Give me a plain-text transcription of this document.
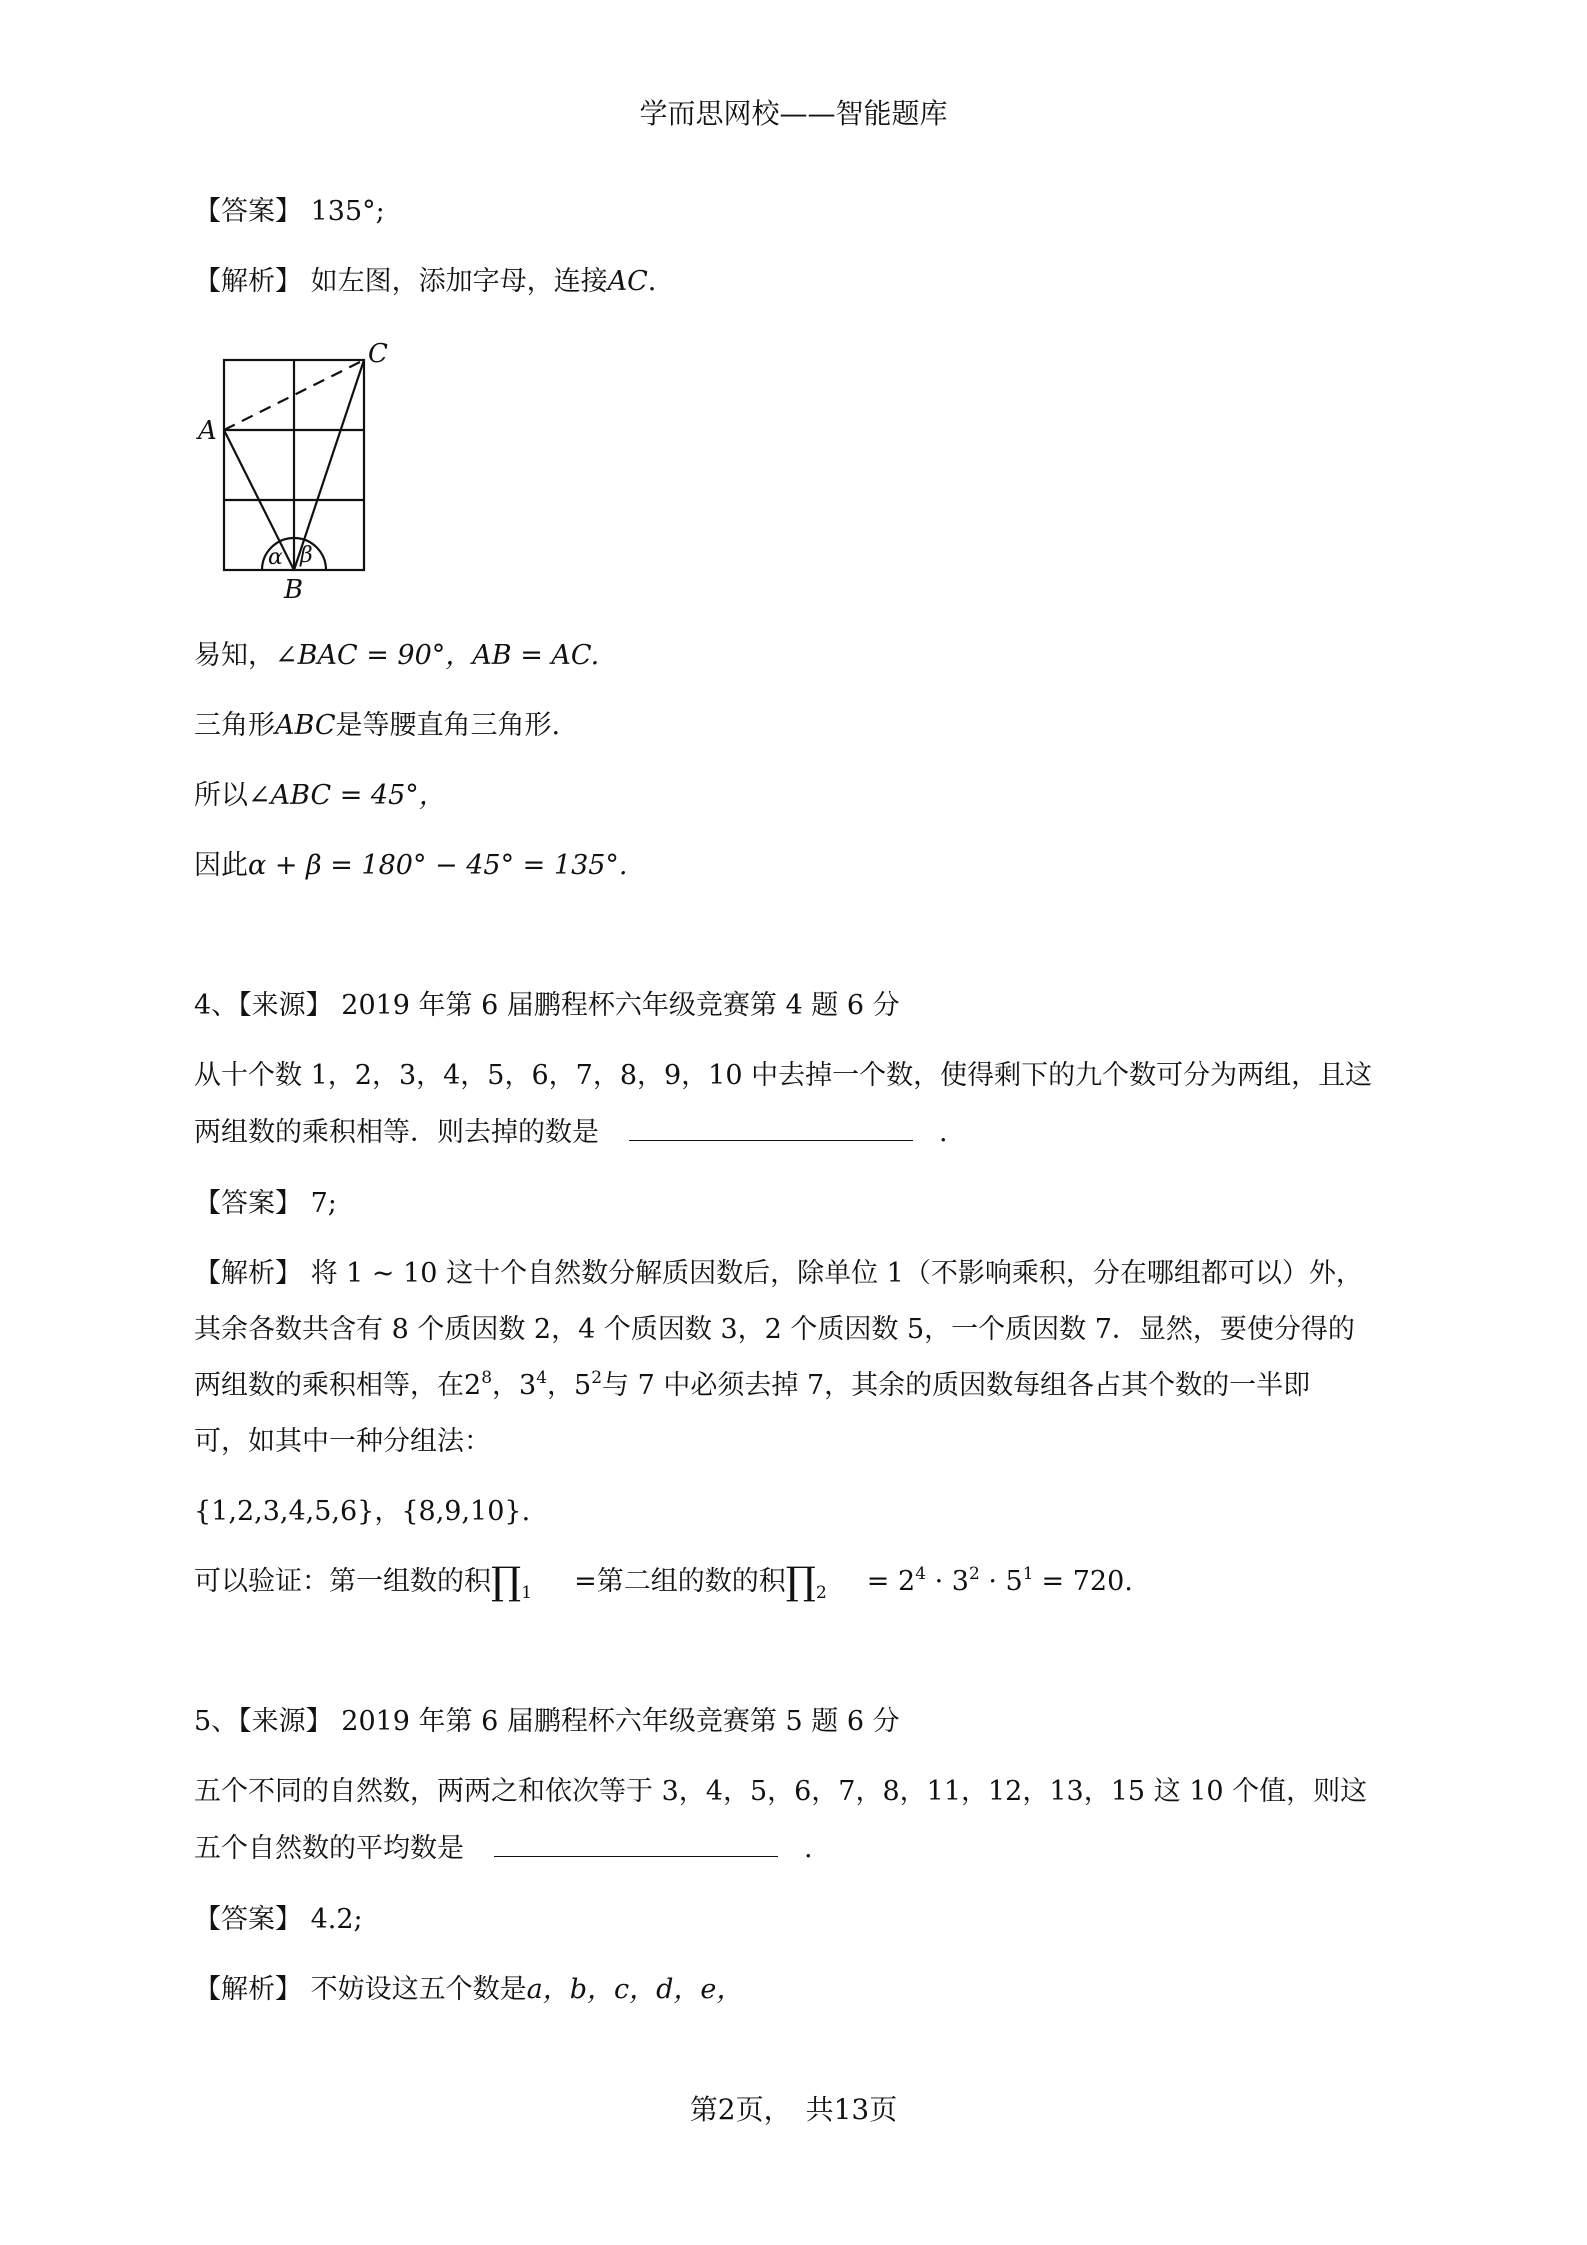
学而思网校——智能题库
【答案】 135°;
【解析】 如左图，添加字母，连接AC.
A
C
B
α β
易知，∠BAC = 90°，AB = AC.
三角形ABC是等腰直角三角形.
所以∠ABC = 45°，
因此α + β = 180° − 45° = 135°.
4、【来源】 2019 年第 6 届鹏程杯六年级竞赛第 4 题 6 分
从十个数 1，2，3，4，5，6，7，8，9，10 中去掉一个数，使得剩下的九个数可分为两组，且这
两组数的乘积相等．则去掉的数是	.
【答案】 7;
【解析】 将 1 ~ 10 这十个自然数分解质因数后，除单位 1（不影响乘积，分在哪组都可以）外，
其余各数共含有 8 个质因数 2，4 个质因数 3，2 个质因数 5，一个质因数 7．显然，要使分得的
两组数的乘积相等，在$2^8$，$3^4$，$5^2$与 7 中必须去掉 7，其余的质因数每组各占其个数的一半即
可，如其中一种分组法：
{1,2,3,4,5,6}，{8,9,10}.
可以验证：第一组数的积$\prod_1$ =第二组的数的积$\prod_2 = 2^4 \cdot 3^2 \cdot 5^1 = 720$.
5、【来源】 2019 年第 6 届鹏程杯六年级竞赛第 5 题 6 分
五个不同的自然数，两两之和依次等于 3，4，5，6，7，8，11，12，13，15 这 10 个值，则这
五个自然数的平均数是	.
【答案】 4.2;
【解析】 不妨设这五个数是a，b，c，d，e，
第2页，　共13页
